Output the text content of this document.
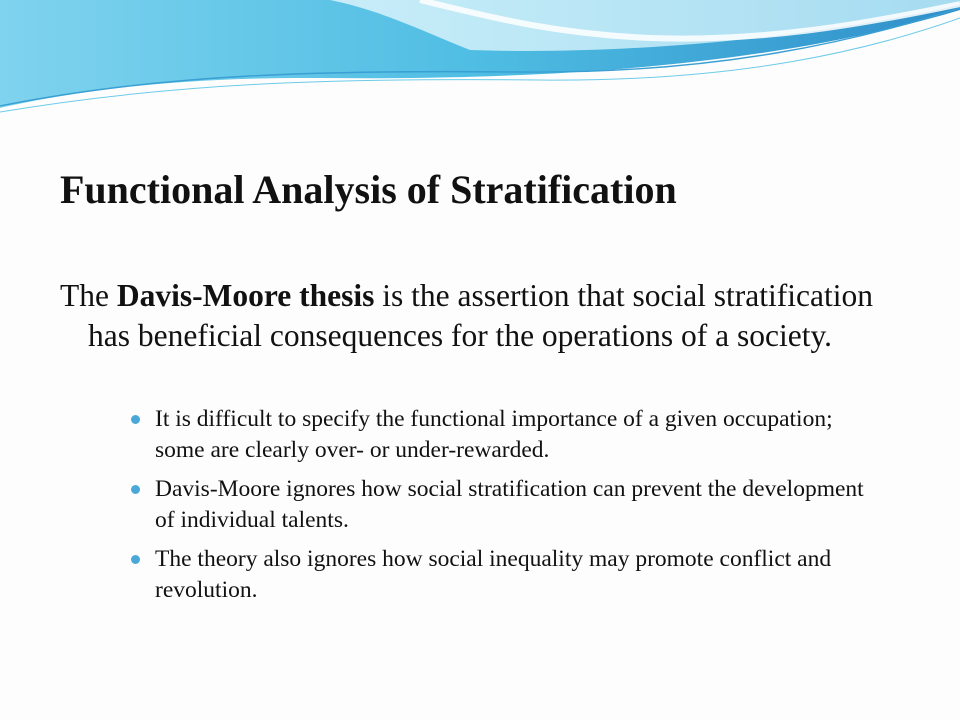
Functional Analysis of Stratification

The Davis-Moore thesis is the assertion that social stratification has beneficial consequences for the operations of a society.

It is difficult to specify the functional importance of a given occupation; some are clearly over- or under-rewarded.
Davis-Moore ignores how social stratification can prevent the development of individual talents.
The theory also ignores how social inequality may promote conflict and revolution.
